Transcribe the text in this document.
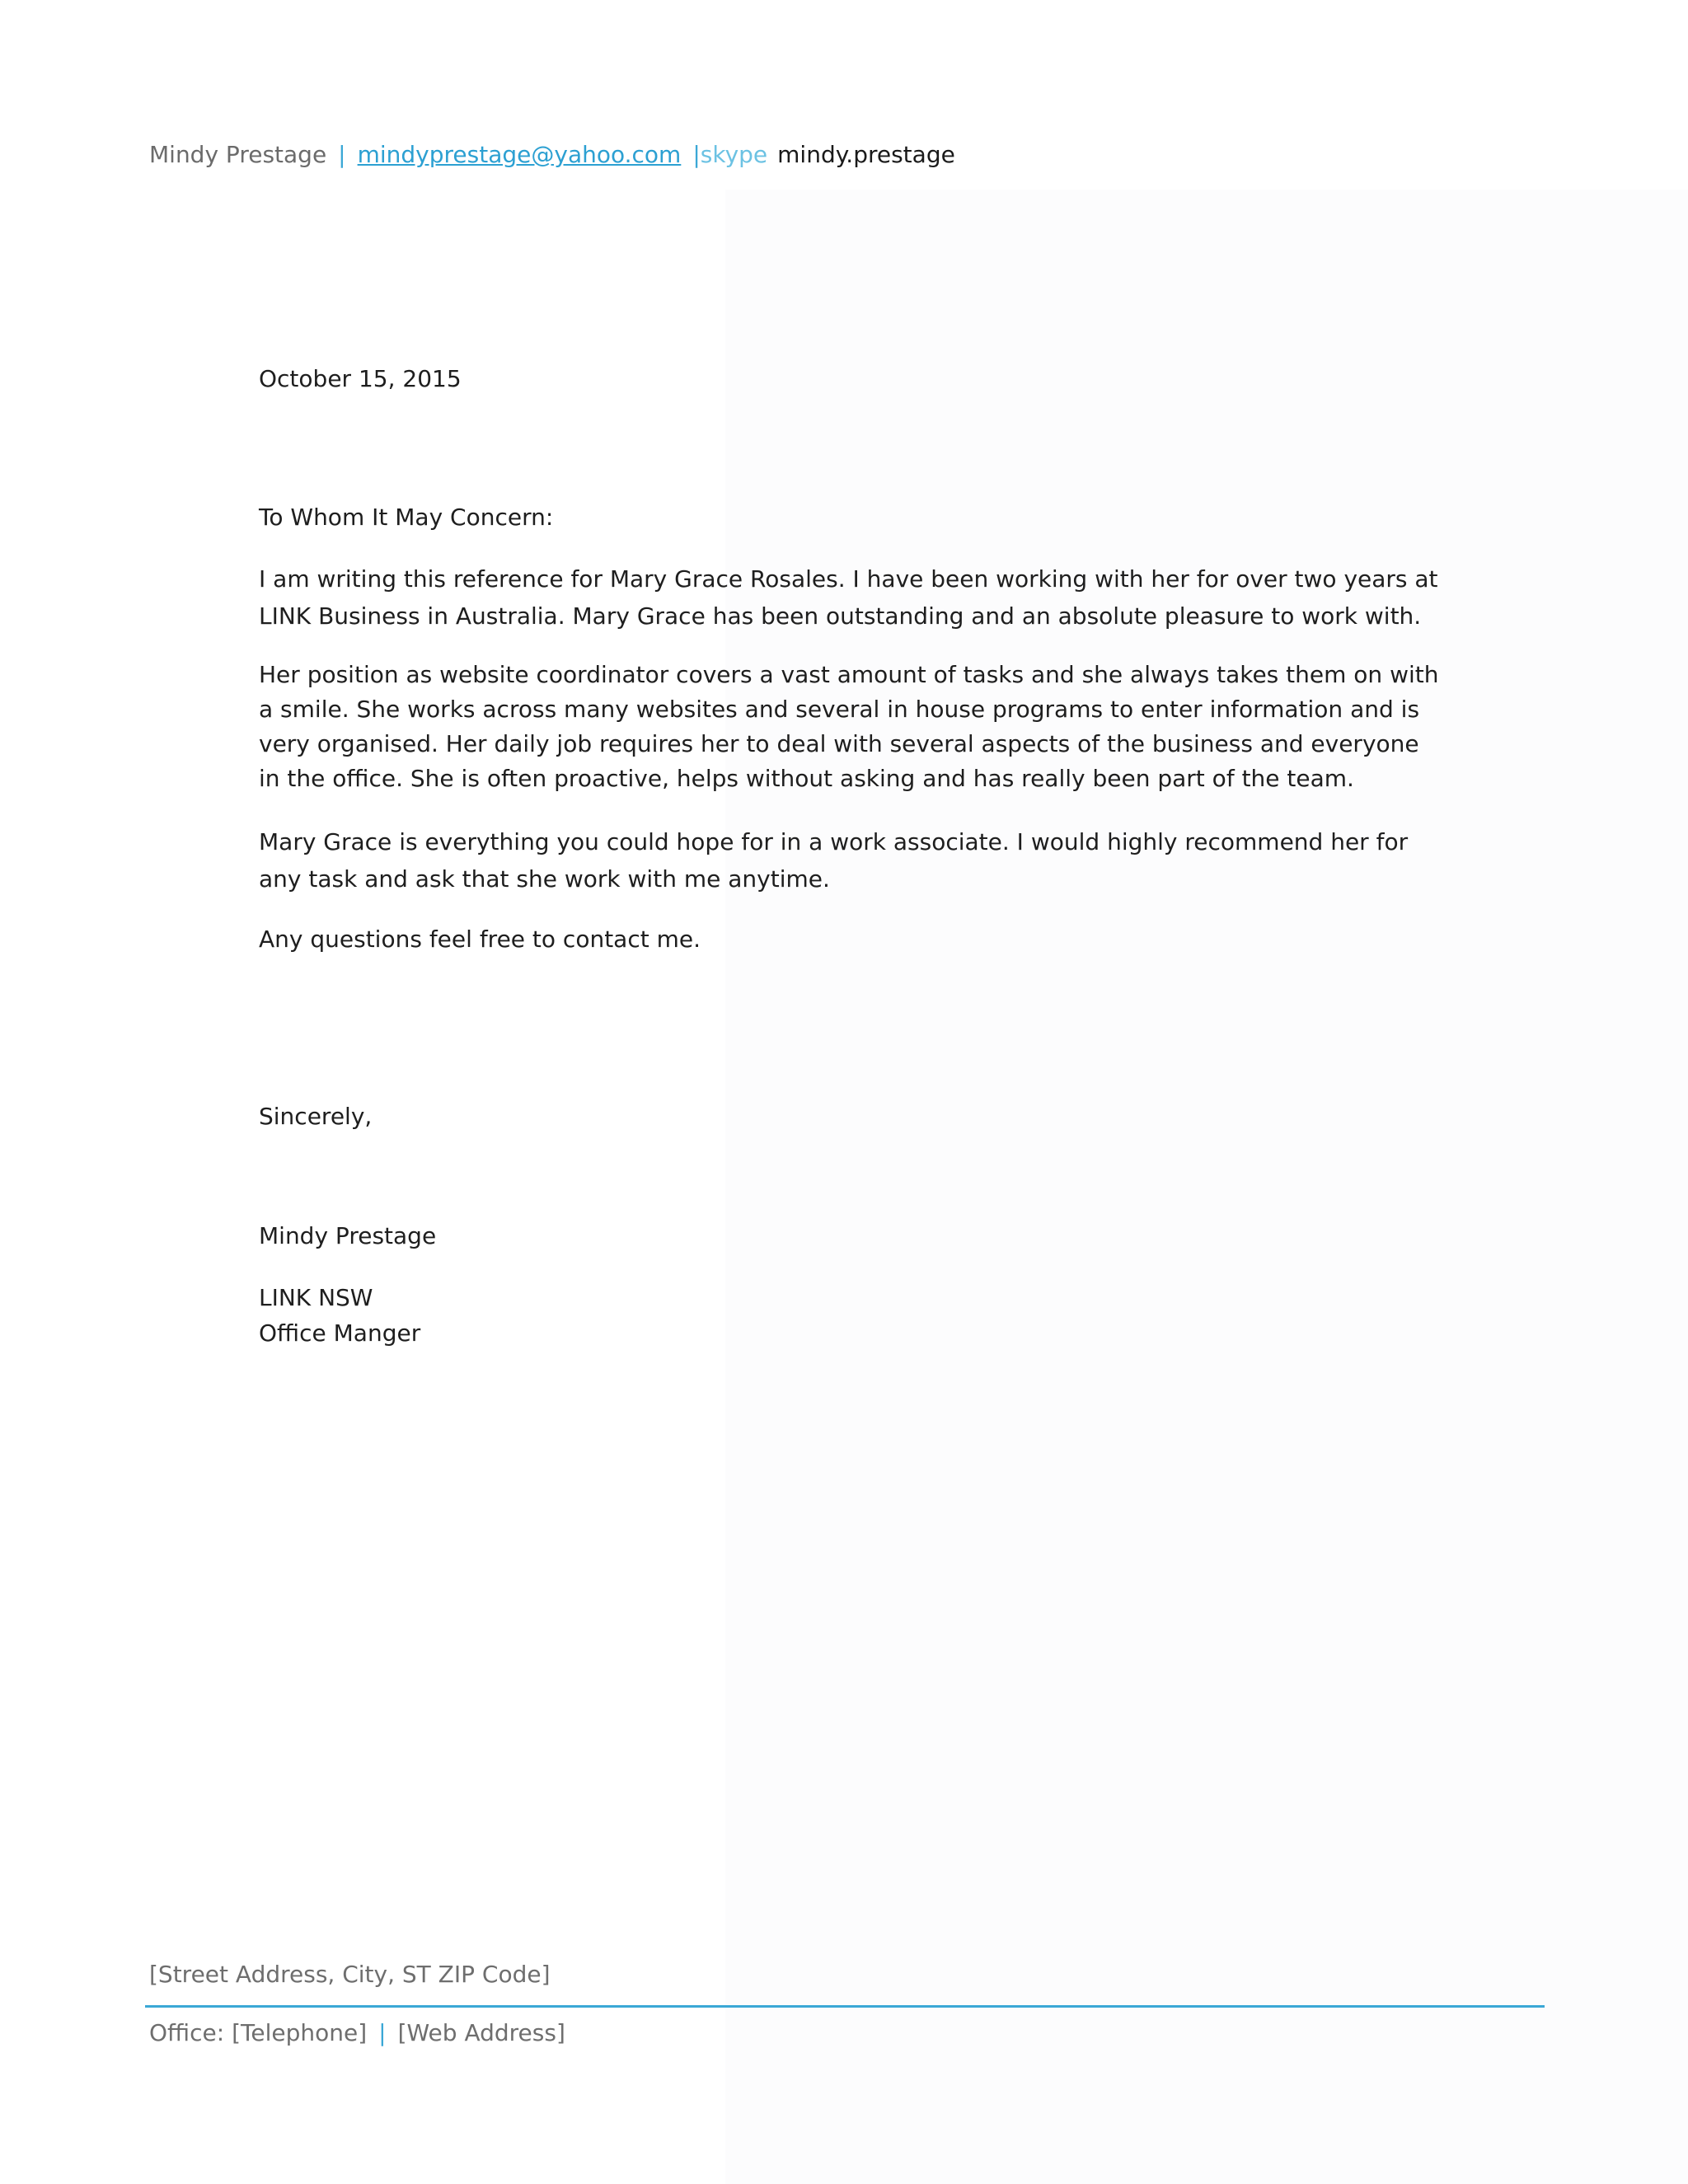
Mindy Prestage | mindyprestage@yahoo.com |skype mindy.prestage

October 15, 2015

To Whom It May Concern:

I am writing this reference for Mary Grace Rosales. I have been working with her for over two years at LINK Business in Australia. Mary Grace has been outstanding and an absolute pleasure to work with.

Her position as website coordinator covers a vast amount of tasks and she always takes them on with a smile. She works across many websites and several in house programs to enter information and is very organised. Her daily job requires her to deal with several aspects of the business and everyone in the office. She is often proactive, helps without asking and has really been part of the team.

Mary Grace is everything you could hope for in a work associate. I would highly recommend her for any task and ask that she work with me anytime.

Any questions feel free to contact me.

Sincerely,

Mindy Prestage

LINK NSW

Office Manger

[Street Address, City, ST ZIP Code]
Office: [Telephone] | [Web Address]
